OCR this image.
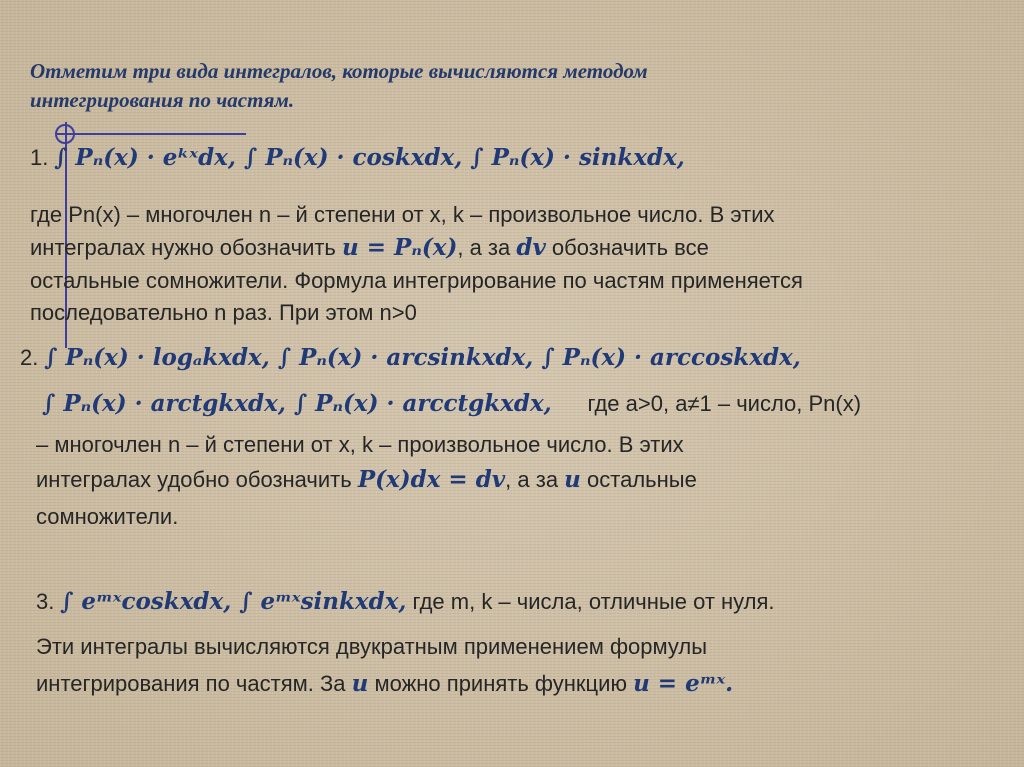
Отметим три вида интегралов, которые вычисляются методом
интегрирования по частям.
1. ∫ Pₙ(x) · eᵏˣdx, ∫ Pₙ(x) · coskxdx, ∫ Pₙ(x) · sinkxdx,
где Pn(x) – многочлен n – й степени от x, k – произвольное число. В этих
интегралах нужно обозначить u = Pₙ(x), а за dv обозначить все
остальные сомножители. Формула интегрирование по частям применяется
последовательно n раз. При этом n>0
2. ∫ Pₙ(x) · logₐkxdx, ∫ Pₙ(x) · arcsinkxdx, ∫ Pₙ(x) · arccoskxdx,
∫ Pₙ(x) · arctgkxdx, ∫ Pₙ(x) · arcctgkxdx, где a>0, a≠1 – число, Pn(x)
– многочлен n – й степени от x, k – произвольное число. В этих
интегралах удобно обозначить P(x)dx = dv, а за u остальные
сомножители.
3. ∫ eᵐˣcoskxdx, ∫ eᵐˣsinkxdx, где m, k – числа, отличные от нуля.
Эти интегралы вычисляются двукратным применением формулы
интегрирования по частям. За u можно принять функцию u = eᵐˣ.
